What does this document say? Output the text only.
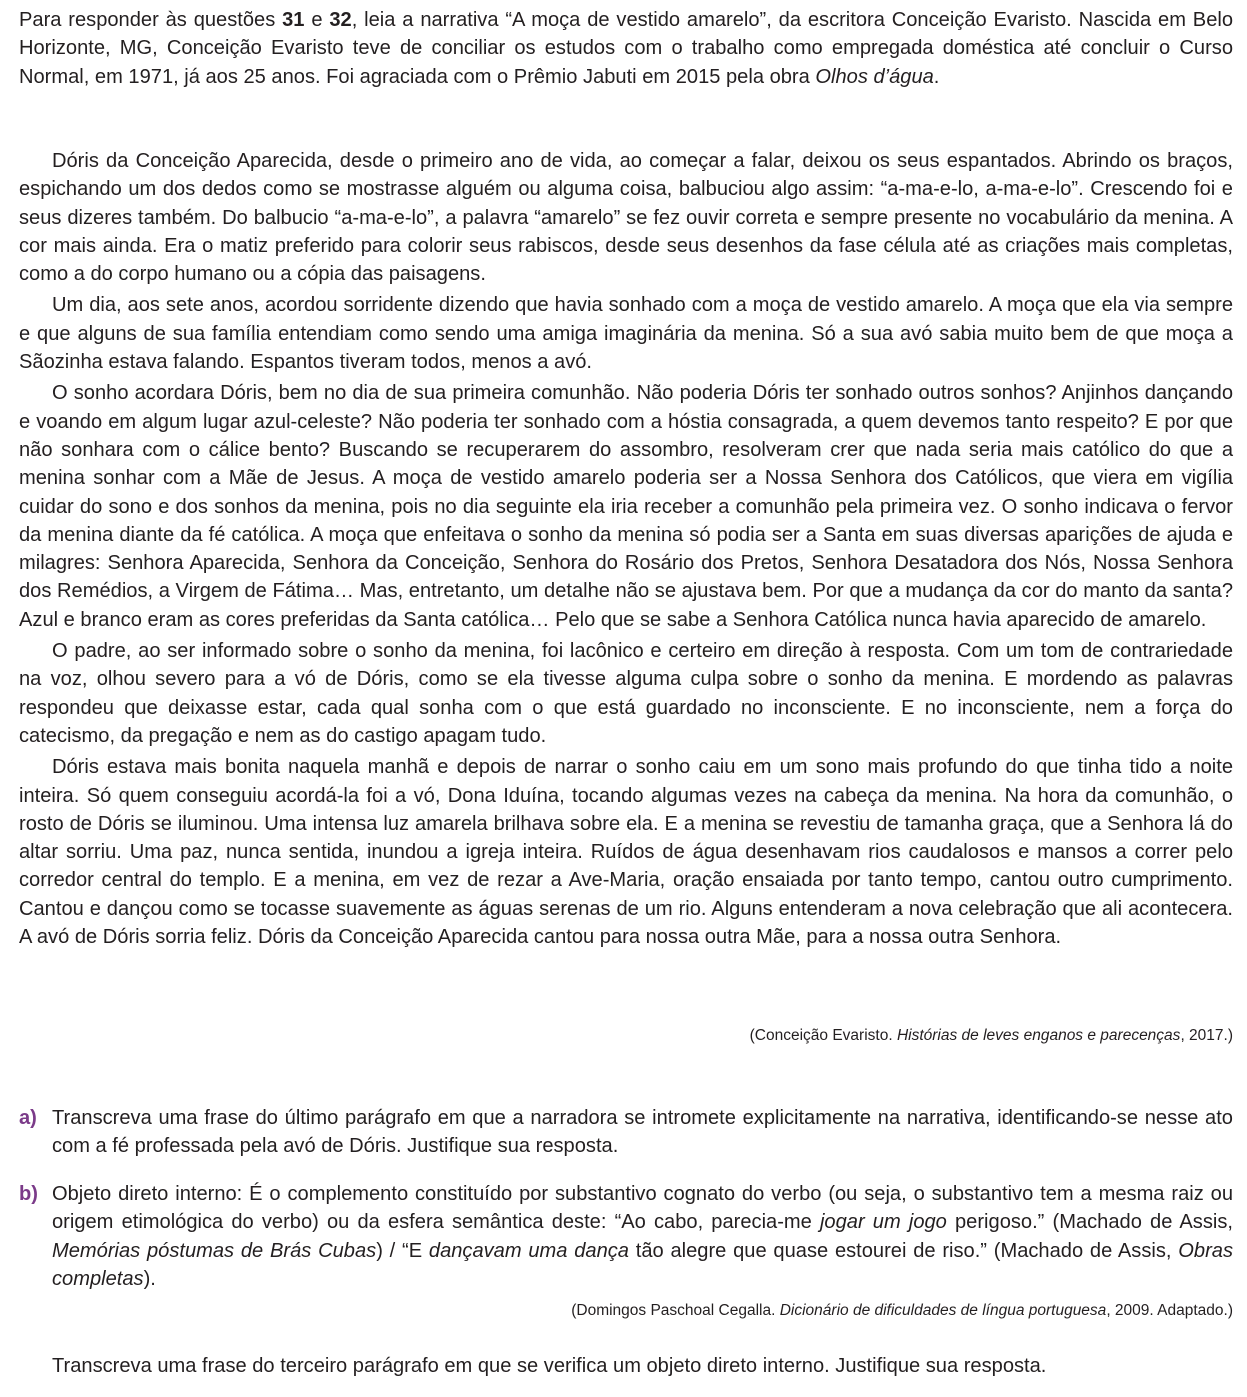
Para responder às questões 31 e 32, leia a narrativa “A moça de vestido amarelo”, da escritora Conceição Evaristo. Nascida em Belo Horizonte, MG, Conceição Evaristo teve de conciliar os estudos com o trabalho como empregada doméstica até concluir o Curso Normal, em 1971, já aos 25 anos. Foi agraciada com o Prêmio Jabuti em 2015 pela obra Olhos d’água.

Dóris da Conceição Aparecida, desde o primeiro ano de vida, ao começar a falar, deixou os seus espantados. Abrindo os braços, espichando um dos dedos como se mostrasse alguém ou alguma coisa, balbuciou algo assim: “a-ma-e-lo, a-ma-e-lo”. Crescendo foi e seus dizeres também. Do balbucio “a-ma-e-lo”, a palavra “amarelo” se fez ouvir correta e sempre presente no vocabulário da menina. A cor mais ainda. Era o matiz preferido para colorir seus rabiscos, desde seus desenhos da fase célula até as criações mais completas, como a do corpo humano ou a cópia das paisagens.

Um dia, aos sete anos, acordou sorridente dizendo que havia sonhado com a moça de vestido amarelo. A moça que ela via sempre e que alguns de sua família entendiam como sendo uma amiga imaginária da menina. Só a sua avó sabia muito bem de que moça a Sãozinha estava falando. Espantos tiveram todos, menos a avó.

O sonho acordara Dóris, bem no dia de sua primeira comunhão. Não poderia Dóris ter sonhado outros sonhos? Anjinhos dançando e voando em algum lugar azul-celeste? Não poderia ter sonhado com a hóstia consagrada, a quem devemos tanto respeito? E por que não sonhara com o cálice bento? Buscando se recuperarem do assombro, resolveram crer que nada seria mais católico do que a menina sonhar com a Mãe de Jesus. A moça de vestido amarelo poderia ser a Nossa Senhora dos Católicos, que viera em vigília cuidar do sono e dos sonhos da menina, pois no dia seguinte ela iria receber a comunhão pela primeira vez. O sonho indicava o fervor da menina diante da fé católica. A moça que enfeitava o sonho da menina só podia ser a Santa em suas diversas aparições de ajuda e milagres: Senhora Aparecida, Senhora da Conceição, Senhora do Rosário dos Pretos, Senhora Desatadora dos Nós, Nossa Senhora dos Remédios, a Virgem de Fátima… Mas, entretanto, um detalhe não se ajustava bem. Por que a mudança da cor do manto da santa? Azul e branco eram as cores preferidas da Santa católica… Pelo que se sabe a Senhora Católica nunca havia aparecido de amarelo.

O padre, ao ser informado sobre o sonho da menina, foi lacônico e certeiro em direção à resposta. Com um tom de contrariedade na voz, olhou severo para a vó de Dóris, como se ela tivesse alguma culpa sobre o sonho da menina. E mordendo as palavras respondeu que deixasse estar, cada qual sonha com o que está guardado no inconsciente. E no inconsciente, nem a força do catecismo, da pregação e nem as do castigo apagam tudo.

Dóris estava mais bonita naquela manhã e depois de narrar o sonho caiu em um sono mais profundo do que tinha tido a noite inteira. Só quem conseguiu acordá-la foi a vó, Dona Iduína, tocando algumas vezes na cabeça da menina. Na hora da comunhão, o rosto de Dóris se iluminou. Uma intensa luz amarela brilhava sobre ela. E a menina se revestiu de tamanha graça, que a Senhora lá do altar sorriu. Uma paz, nunca sentida, inundou a igreja inteira. Ruídos de água desenhavam rios caudalosos e mansos a correr pelo corredor central do templo. E a menina, em vez de rezar a Ave-Maria, oração ensaiada por tanto tempo, cantou outro cumprimento. Cantou e dançou como se tocasse suavemente as águas serenas de um rio. Alguns entenderam a nova celebração que ali acontecera. A avó de Dóris sorria feliz. Dóris da Conceição Aparecida cantou para nossa outra Mãe, para a nossa outra Senhora.

(Conceição Evaristo. Histórias de leves enganos e parecenças, 2017.)
a) Transcreva uma frase do último parágrafo em que a narradora se intromete explicitamente na narrativa, identificando-se nesse ato com a fé professada pela avó de Dóris. Justifique sua resposta.
b) Objeto direto interno: É o complemento constituído por substantivo cognato do verbo (ou seja, o substantivo tem a mesma raiz ou origem etimológica do verbo) ou da esfera semântica deste: “Ao cabo, parecia-me jogar um jogo perigoso.” (Machado de Assis, Memórias póstumas de Brás Cubas) / “E dançavam uma dança tão alegre que quase estourei de riso.” (Machado de Assis, Obras completas).
(Domingos Paschoal Cegalla. Dicionário de dificuldades de língua portuguesa, 2009. Adaptado.)
Transcreva uma frase do terceiro parágrafo em que se verifica um objeto direto interno. Justifique sua resposta.
